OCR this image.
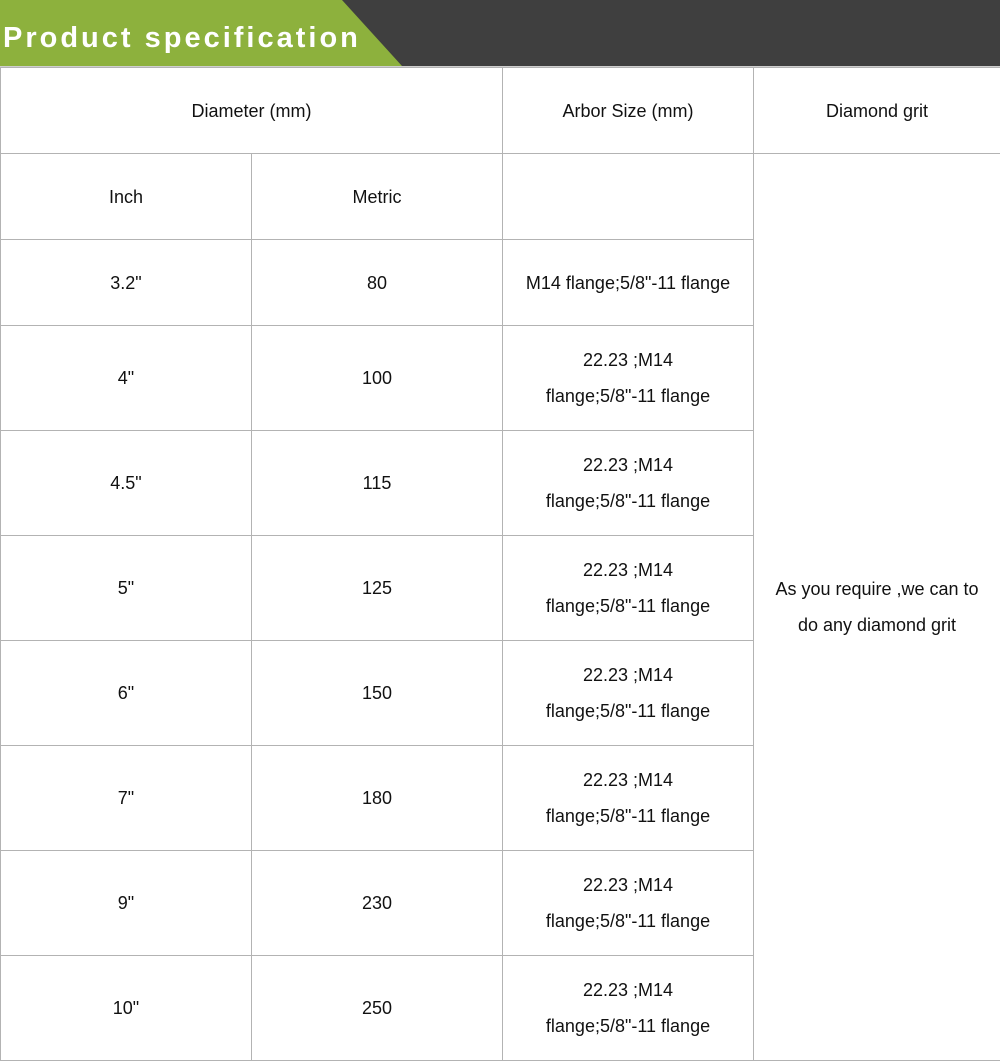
Product specification
Diameter (mm)		Arbor Size (mm)	Diamond grit
Inch	Metric		As you require ,we can to
do any diamond grit

3.2"	80	M14 flange;5/8"-11 flange	

4"	100	22.23 ;M14
flange;5/8"-11 flange	

4.5"	115	22.23 ;M14
flange;5/8"-11 flange	

5"	125	22.23 ;M14
flange;5/8"-11 flange	

6"	150	22.23 ;M14
flange;5/8"-11 flange	

7"	180	22.23 ;M14
flange;5/8"-11 flange	

9"	230	22.23 ;M14
flange;5/8"-11 flange	

10"	250	22.23 ;M14
flange;5/8"-11 flange	
